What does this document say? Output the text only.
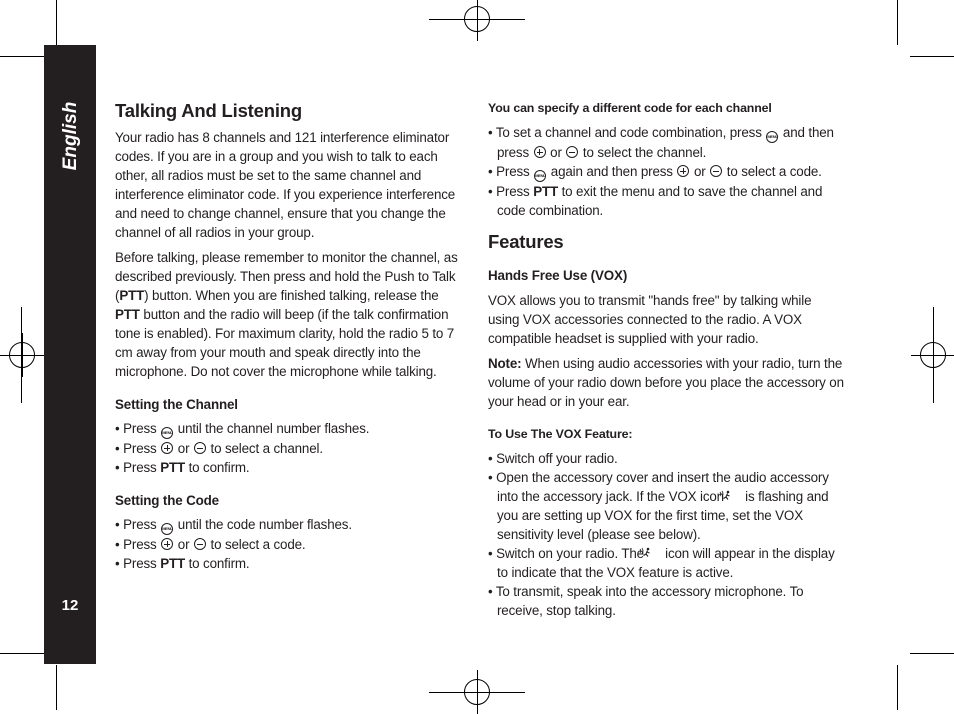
English
12
Talking And Listening

Your radio has 8 channels and 121 interference eliminator codes. If you are in a group and you wish to talk to each other, all radios must be set to the same channel and interference eliminator code. If you experience interference and need to change channel, ensure that you change the channel of all radios in your group.

Before talking, please remember to monitor the channel, as described previously. Then press and hold the Push to Talk (PTT) button. When you are finished talking, release the PTT button and the radio will beep (if the talk confirmation tone is enabled). For maximum clarity, hold the radio 5 to 7 cm away from your mouth and speak directly into the microphone. Do not cover the microphone while talking.

Setting the Channel

• Press MENU until the channel number flashes.

• Press or to select a channel.

• Press PTT to confirm.

Setting the Code

• Press MENU until the code number flashes.

• Press or to select a code.

• Press PTT to confirm.

You can specify a different code for each channel

• To set a channel and code combination, press MENU and then press or to select the channel.

• Press MENU again and then press or to select a code.

• Press PTT to exit the menu and to save the channel and code combination.

Features
Hands Free Use (VOX)

VOX allows you to transmit "hands free" by talking while using VOX accessories connected to the radio. A VOX compatible headset is supplied with your radio.

Note: When using audio accessories with your radio, turn the volume of your radio down before you place the accessory on your head or in your ear.

To Use The VOX Feature:

• Switch off your radio.

• Open the accessory cover and insert the audio accessory into the accessory jack. If the VOX icon is flashing and you are setting up VOX for the first time, set the VOX sensitivity level (please see below).

• Switch on your radio. The icon will appear in the display to indicate that the VOX feature is active.

• To transmit, speak into the accessory microphone. To receive, stop talking.
